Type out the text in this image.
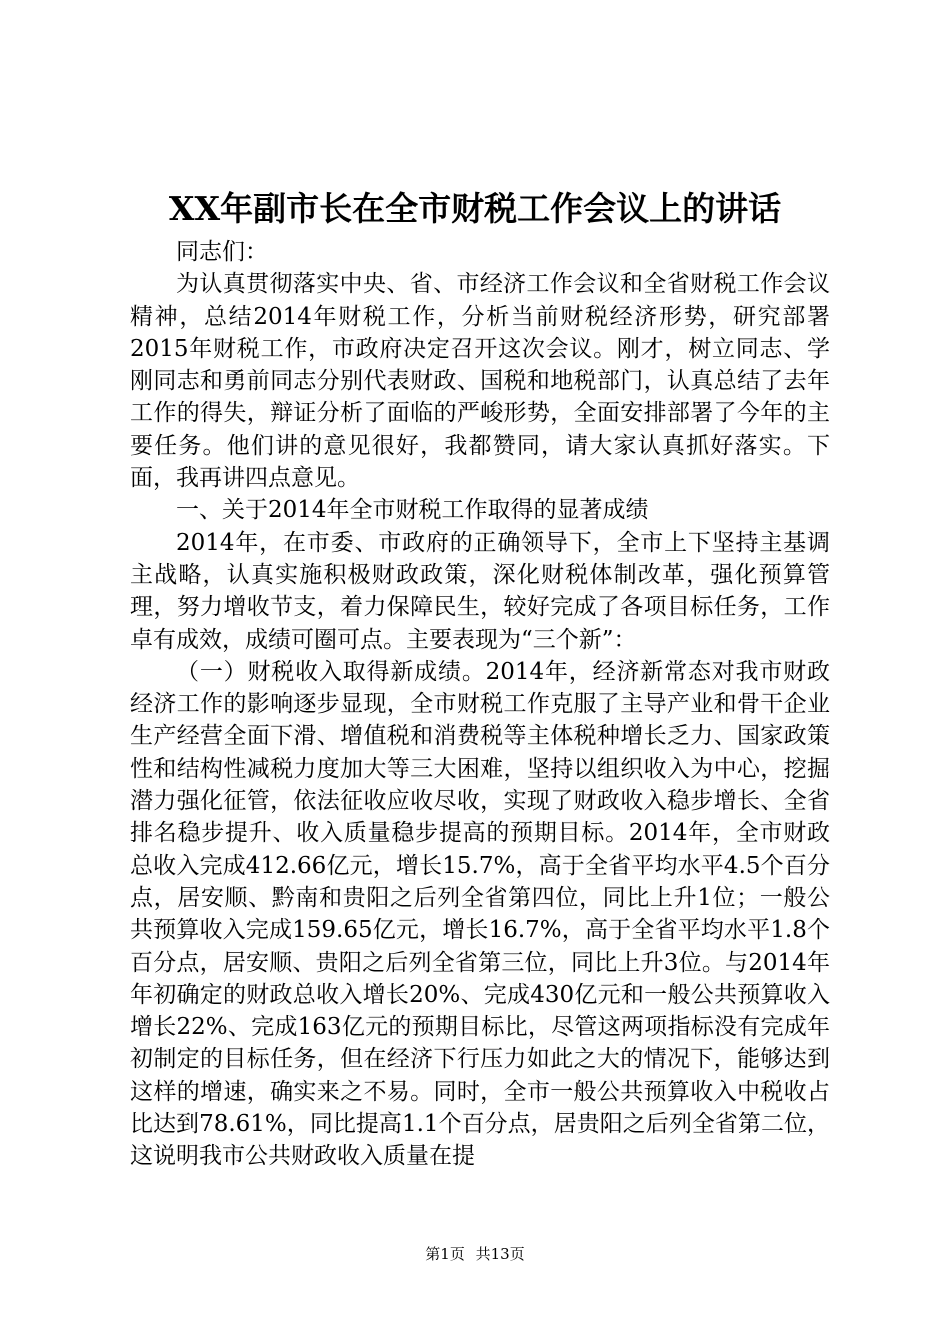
XX年副市长在全市财税工作会议上的讲话

同志们：

为认真贯彻落实中央、省、市经济工作会议和全省财税工作会议精神，总结2014年财税工作，分析当前财税经济形势，研究部署2015年财税工作，市政府决定召开这次会议。刚才，树立同志、学刚同志和勇前同志分别代表财政、国税和地税部门，认真总结了去年工作的得失，辩证分析了面临的严峻形势，全面安排部署了今年的主要任务。他们讲的意见很好，我都赞同，请大家认真抓好落实。下面，我再讲四点意见。

一、关于2014年全市财税工作取得的显著成绩

2014年，在市委、市政府的正确领导下，全市上下坚持主基调主战略，认真实施积极财政政策，深化财税体制改革，强化预算管理，努力增收节支，着力保障民生，较好完成了各项目标任务，工作卓有成效，成绩可圈可点。主要表现为“三个新”：

（一）财税收入取得新成绩。2014年，经济新常态对我市财政经济工作的影响逐步显现，全市财税工作克服了主导产业和骨干企业生产经营全面下滑、增值税和消费税等主体税种增长乏力、国家政策性和结构性减税力度加大等三大困难，坚持以组织收入为中心，挖掘潜力强化征管，依法征收应收尽收，实现了财政收入稳步增长、全省排名稳步提升、收入质量稳步提高的预期目标。2014年，全市财政总收入完成412.66亿元，增长15.7%，高于全省平均水平4.5个百分点，居安顺、黔南和贵阳之后列全省第四位，同比上升1位；一般公共预算收入完成159.65亿元，增长16.7%，高于全省平均水平1.8个百分点，居安顺、贵阳之后列全省第三位，同比上升3位。与2014年年初确定的财政总收入增长20%、完成430亿元和一般公共预算收入增长22%、完成163亿元的预期目标比，尽管这两项指标没有完成年初制定的目标任务，但在经济下行压力如此之大的情况下，能够达到这样的增速，确实来之不易。同时，全市一般公共预算收入中税收占比达到78.61%，同比提高1.1个百分点，居贵阳之后列全省第二位，这说明我市公共财政收入质量在提

第1页 共13页
